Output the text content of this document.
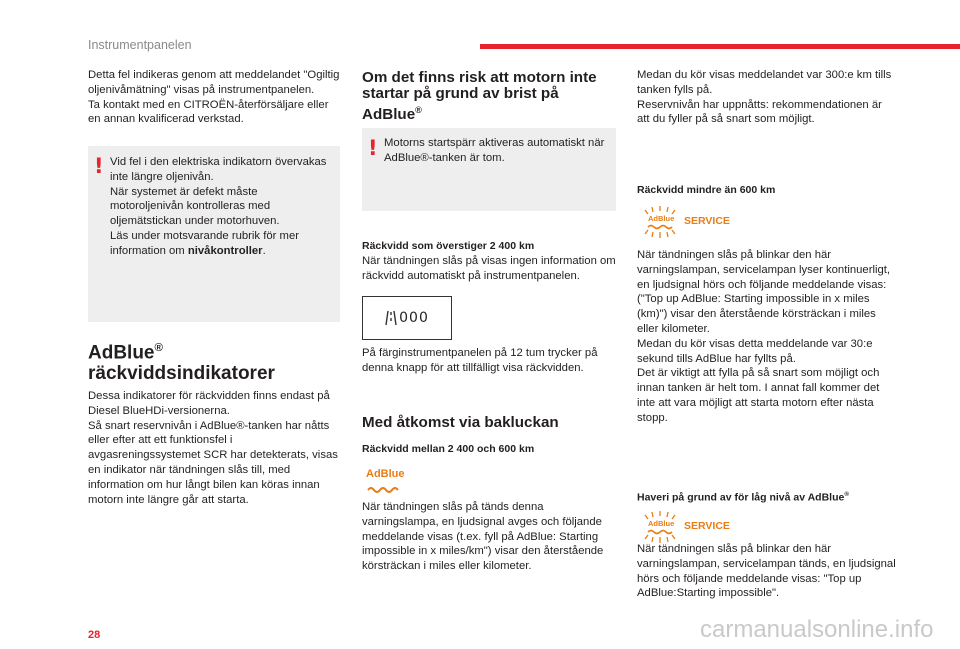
Instrumentpanelen

Detta fel indikeras genom att meddelandet "Ogiltig oljenivåmätning" visas på instrumentpanelen.
Ta kontakt med en CITROËN-återförsäljare eller en annan kvalificerad verkstad.

! Vid fel i den elektriska indikatorn övervakas inte längre oljenivån.
När systemet är defekt måste motoroljenivån kontrolleras med oljemätstickan under motorhuven.
Läs under motsvarande rubrik för mer information om nivåkontroller.

AdBlue®
räckviddsindikatorer

Dessa indikatorer för räckvidden finns endast på Diesel BlueHDi-versionerna.
Så snart reservnivån i AdBlue®-tanken har nåtts eller efter att ett funktionsfel i avgasreningssystemet SCR har detekterats, visas en indikator när tändningen slås till, med information om hur långt bilen kan köras innan motorn inte längre går att starta.

Om det finns risk att motorn inte startar på grund av brist på AdBlue®
! Motorns startspärr aktiveras automatiskt när AdBlue®-tanken är tom.

Räckvidd som överstiger 2 400 km

När tändningen slås på visas ingen information om räckvidd automatiskt på instrumentpanelen.

000

På färginstrumentpanelen på 12 tum trycker på denna knapp för att tillfälligt visa räckvidden.

Med åtkomst via bakluckan
Räckvidd mellan 2 400 och 600 km
AdBlue

När tändningen slås på tänds denna varningslampa, en ljudsignal avges och följande meddelande visas (t.ex. fyll på AdBlue: Starting impossible in x miles/km") visar den återstående körsträckan i miles eller kilometer.

Medan du kör visas meddelandet var 300:e km tills tanken fylls på.
Reservnivån har uppnåtts: rekommendationen är att du fyller på så snart som möjligt.

Räckvidd mindre än 600 km
AdBlue SERVICE

När tändningen slås på blinkar den här varningslampan, servicelampan lyser kontinuerligt, en ljudsignal hörs och följande meddelande visas: ("Top up AdBlue: Starting impossible in x miles (km)") visar den återstående körsträckan i miles eller kilometer.
Medan du kör visas detta meddelande var 30:e sekund tills AdBlue har fyllts på.
Det är viktigt att fylla på så snart som möjligt och innan tanken är helt tom. I annat fall kommer det inte att vara möjligt att starta motorn efter nästa stopp.

Haveri på grund av för låg nivå av AdBlue®
AdBlue SERVICE

När tändningen slås på blinkar den här varningslampan, servicelampan tänds, en ljudsignal hörs och följande meddelande visas: "Top up AdBlue:Starting impossible".

28	carmanualsonline.info
